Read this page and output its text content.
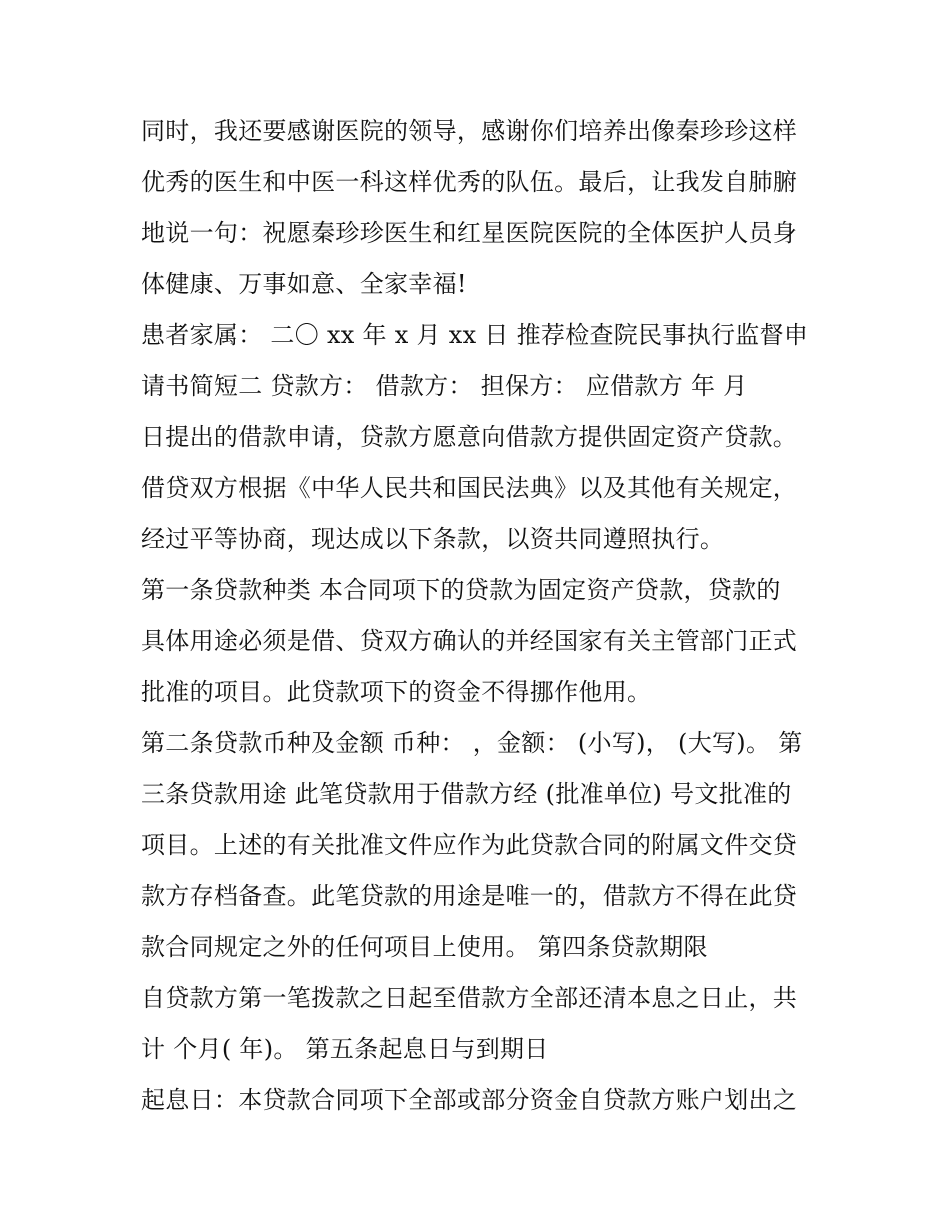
同时，我还要感谢医院的领导，感谢你们培养出像秦珍珍这样
优秀的医生和中医一科这样优秀的队伍。最后，让我发自肺腑
地说一句：祝愿秦珍珍医生和红星医院医院的全体医护人员身
体健康、万事如意、全家幸福!
患者家属： 二〇 xx 年 x 月 xx 日 推荐检查院民事执行监督申
请书简短二 贷款方： 借款方： 担保方： 应借款方 年 月
日提出的借款申请，贷款方愿意向借款方提供固定资产贷款。
借贷双方根据《中华人民共和国民法典》以及其他有关规定，
经过平等协商，现达成以下条款，以资共同遵照执行。
第一条贷款种类 本合同项下的贷款为固定资产贷款，贷款的
具体用途必须是借、贷双方确认的并经国家有关主管部门正式
批准的项目。此贷款项下的资金不得挪作他用。
第二条贷款币种及金额 币种： ，金额： (小写)， (大写)。 第
三条贷款用途 此笔贷款用于借款方经 (批准单位) 号文批准的
项目。上述的有关批准文件应作为此贷款合同的附属文件交贷
款方存档备查。此笔贷款的用途是唯一的，借款方不得在此贷
款合同规定之外的任何项目上使用。 第四条贷款期限
自贷款方第一笔拨款之日起至借款方全部还清本息之日止，共
计 个月( 年)。 第五条起息日与到期日
起息日：本贷款合同项下全部或部分资金自贷款方账户划出之
